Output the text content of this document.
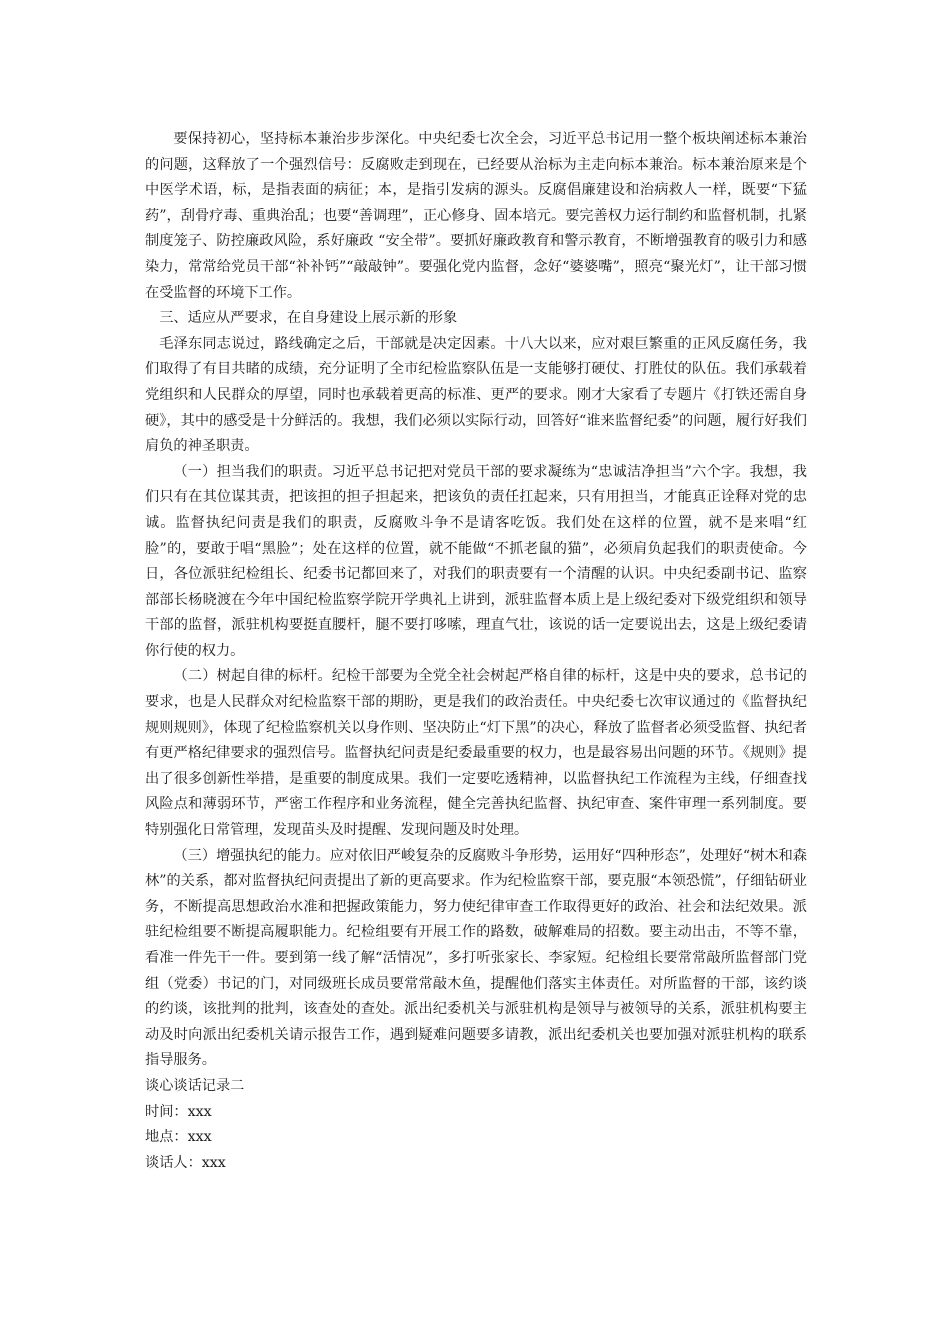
要保持初心，坚持标本兼治步步深化。中央纪委七次全会，习近平总书记用一整个板块阐述标本兼治的问题，这释放了一个强烈信号：反腐败走到现在，已经要从治标为主走向标本兼治。标本兼治原来是个中医学术语，标，是指表面的病征；本，是指引发病的源头。反腐倡廉建设和治病救人一样，既要“下猛药”，刮骨疗毒、重典治乱；也要“善调理”，正心修身、固本培元。要完善权力运行制约和监督机制，扎紧制度笼子、防控廉政风险，系好廉政 “安全带”。要抓好廉政教育和警示教育，不断增强教育的吸引力和感染力，常常给党员干部“补补钙”“敲敲钟”。要强化党内监督，念好“婆婆嘴”，照亮“聚光灯”，让干部习惯在受监督的环境下工作。

三、适应从严要求，在自身建设上展示新的形象

毛泽东同志说过，路线确定之后，干部就是决定因素。十八大以来，应对艰巨繁重的正风反腐任务，我们取得了有目共睹的成绩，充分证明了全市纪检监察队伍是一支能够打硬仗、打胜仗的队伍。我们承载着党组织和人民群众的厚望，同时也承载着更高的标准、更严的要求。刚才大家看了专题片《打铁还需自身硬》，其中的感受是十分鲜活的。我想，我们必须以实际行动，回答好“谁来监督纪委”的问题，履行好我们肩负的神圣职责。

（一）担当我们的职责。习近平总书记把对党员干部的要求凝练为“忠诚洁净担当”六个字。我想，我们只有在其位谋其责，把该担的担子担起来，把该负的责任扛起来，只有用担当，才能真正诠释对党的忠诚。监督执纪问责是我们的职责，反腐败斗争不是请客吃饭。我们处在这样的位置，就不是来唱“红脸”的，要敢于唱“黑脸”；处在这样的位置，就不能做“不抓老鼠的猫”，必须肩负起我们的职责使命。今日，各位派驻纪检组长、纪委书记都回来了，对我们的职责要有一个清醒的认识。中央纪委副书记、监察部部长杨晓渡在今年中国纪检监察学院开学典礼上讲到，派驻监督本质上是上级纪委对下级党组织和领导干部的监督，派驻机构要挺直腰杆，腿不要打哆嗦，理直气壮，该说的话一定要说出去，这是上级纪委请你行使的权力。

（二）树起自律的标杆。纪检干部要为全党全社会树起严格自律的标杆，这是中央的要求，总书记的要求，也是人民群众对纪检监察干部的期盼，更是我们的政治责任。中央纪委七次审议通过的《监督执纪规则规则》，体现了纪检监察机关以身作则、坚决防止“灯下黑”的决心，释放了监督者必须受监督、执纪者有更严格纪律要求的强烈信号。监督执纪问责是纪委最重要的权力，也是最容易出问题的环节。《规则》提出了很多创新性举措，是重要的制度成果。我们一定要吃透精神，以监督执纪工作流程为主线，仔细查找风险点和薄弱环节，严密工作程序和业务流程，健全完善执纪监督、执纪审查、案件审理一系列制度。要特别强化日常管理，发现苗头及时提醒、发现问题及时处理。

（三）增强执纪的能力。应对依旧严峻复杂的反腐败斗争形势，运用好“四种形态”，处理好“树木和森林”的关系，都对监督执纪问责提出了新的更高要求。作为纪检监察干部，要克服“本领恐慌”，仔细钻研业务，不断提高思想政治水准和把握政策能力，努力使纪律审查工作取得更好的政治、社会和法纪效果。派驻纪检组要不断提高履职能力。纪检组要有开展工作的路数，破解难局的招数。要主动出击，不等不靠，看准一件先干一件。要到第一线了解“活情况”，多打听张家长、李家短。纪检组长要常常敲所监督部门党组（党委）书记的门，对同级班长成员要常常敲木鱼，提醒他们落实主体责任。对所监督的干部，该约谈的约谈，该批判的批判，该查处的查处。派出纪委机关与派驻机构是领导与被领导的关系，派驻机构要主动及时向派出纪委机关请示报告工作，遇到疑难问题要多请教，派出纪委机关也要加强对派驻机构的联系指导服务。

谈心谈话记录二

时间：xxx

地点：xxx

谈话人：xxx
